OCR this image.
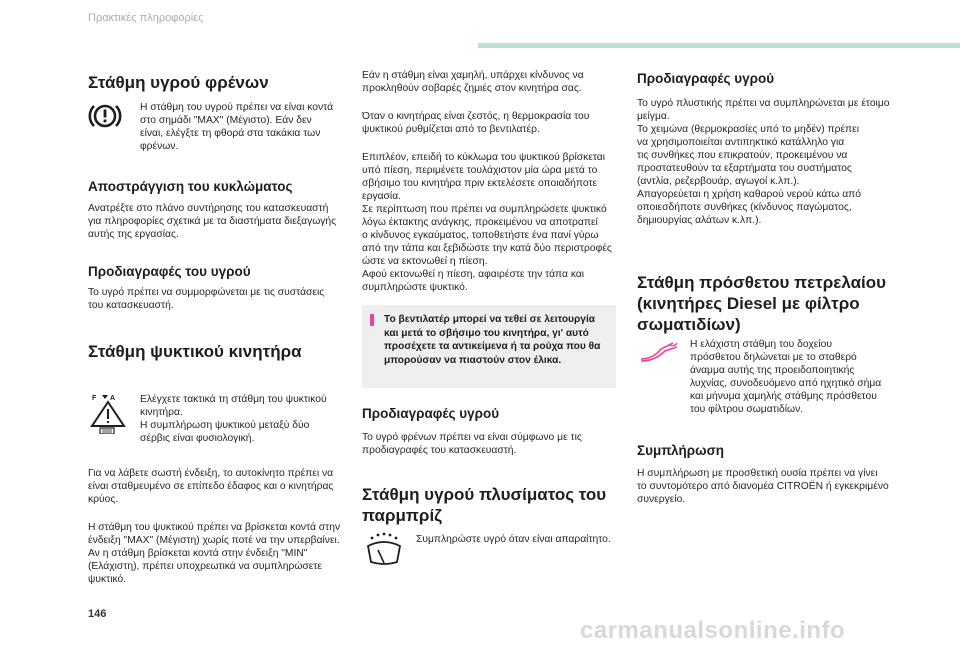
Πρακτικές πληροφορίες
Στάθμη υγρού φρένων

Η στάθμη του υγρού πρέπει να είναι κοντά
στο σημάδι "MAX" (Μέγιστο). Εάν δεν
είναι, ελέγξτε τη φθορά στα τακάκια των
φρένων.

Αποστράγγιση του κυκλώματος

Ανατρέξτε στο πλάνο συντήρησης του κατασκευαστή
για πληροφορίες σχετικά με τα διαστήματα διεξαγωγής
αυτής της εργασίας.

Προδιαγραφές του υγρού

Το υγρό πρέπει να συμμορφώνεται με τις συστάσεις
του κατασκευαστή.

Στάθμη ψυκτικού κινητήρα
F A Ελέγχετε τακτικά τη στάθμη του ψυκτικού
κινητήρα.
Η συμπλήρωση ψυκτικού μεταξύ δύο
σέρβις είναι φυσιολογική.

Για να λάβετε σωστή ένδειξη, το αυτοκίνητο πρέπει να
είναι σταθμευμένο σε επίπεδο έδαφος και ο κινητήρας
κρύος.

Η στάθμη του ψυκτικού πρέπει να βρίσκεται κοντά στην
ένδειξη "MAX" (Μέγιστη) χωρίς ποτέ να την υπερβαίνει.
Αν η στάθμη βρίσκεται κοντά στην ένδειξη "MIN"
(Ελάχιστη), πρέπει υποχρεωτικά να συμπληρώσετε
ψυκτικό.

Εάν η στάθμη είναι χαμηλή, υπάρχει κίνδυνος να
προκληθούν σοβαρές ζημιές στον κινητήρα σας.

Όταν ο κινητήρας είναι ζεστός, η θερμοκρασία του
ψυκτικού ρυθμίζεται από το βεντιλατέρ.

Επιπλέον, επειδή το κύκλωμα του ψυκτικού βρίσκεται
υπό πίεση, περιμένετε τουλάχιστον μία ώρα μετά το
σβήσιμο του κινητήρα πριν εκτελέσετε οποιαδήποτε
εργασία.
Σε περίπτωση που πρέπει να συμπληρώσετε ψυκτικό
λόγω έκτακτης ανάγκης, προκειμένου να αποτραπεί
ο κίνδυνος εγκαύματος, τοποθετήστε ένα πανί γύρω
από την τάπα και ξεβιδώστε την κατά δύο περιστροφές
ώστε να εκτονωθεί η πίεση.
Αφού εκτονωθεί η πίεση, αφαιρέστε την τάπα και
συμπληρώστε ψυκτικό.

Το βεντιλατέρ μπορεί να τεθεί σε λειτουργία
και μετά το σβήσιμο του κινητήρα, γι' αυτό
προσέχετε τα αντικείμενα ή τα ρούχα που θα
μπορούσαν να πιαστούν στον έλικα.
Προδιαγραφές υγρού

Το υγρό φρένων πρέπει να είναι σύμφωνο με τις
προδιαγραφές του κατασκευαστή.

Στάθμη υγρού πλυσίματος του
παρμπρίζ

Συμπληρώστε υγρό όταν είναι απαραίτητο.

Προδιαγραφές υγρού

Το υγρό πλυστικής πρέπει να συμπληρώνεται με έτοιμο
μείγμα.
Το χειμώνα (θερμοκρασίες υπό το μηδέν) πρέπει
να χρησιμοποιείται αντιπηκτικό κατάλληλο για
τις συνθήκες που επικρατούν, προκειμένου να
προστατευθούν τα εξαρτήματα του συστήματος
(αντλία, ρεζερβουάρ, αγωγοί κ.λπ.).
Απαγορεύεται η χρήση καθαρού νερού κάτω από
οποιεσδήποτε συνθήκες (κίνδυνος παγώματος,
δημιουργίας αλάτων κ.λπ.).

Στάθμη πρόσθετου πετρελαίου
(κινητήρες Diesel με φίλτρο
σωματιδίων)

Η ελάχιστη στάθμη του δοχείου
πρόσθετου δηλώνεται με το σταθερό
άναμμα αυτής της προειδοποιητικής
λυχνίας, συνοδευόμενο από ηχητικό σήμα
και μήνυμα χαμηλής στάθμης πρόσθετου
του φίλτρου σωματιδίων.

Συμπλήρωση

Η συμπλήρωση με προσθετική ουσία πρέπει να γίνει
το συντομότερο από διανομέα CITROËN ή εγκεκριμένο
συνεργείο.

146
carmanualsonline.info
